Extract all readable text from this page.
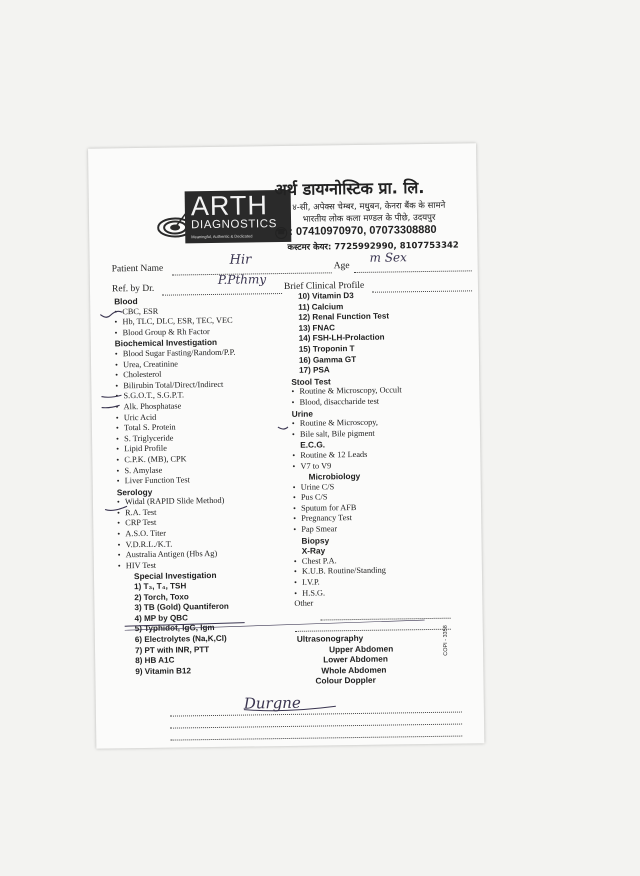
ARTH
DIAGNOSTICS
Meaningful, Authentic & Dedicated
अर्थ डायग्नोस्टिक प्रा. लि.
४-सी, अपेक्स चेम्बर, मधुबन, केनरा बैंक के सामने
भारतीय लोक कला मण्डल के पीछे, उदयपुर
☎ : 07410970970, 07073308880
कस्टमर केयर: 7725992990, 8107753342
Patient Name
Hir	Age
m Sex
Ref. by Dr.
P.Pthmy Brief Clinical Profile
Blood
• CBC, ESR
• Hb, TLC, DLC, ESR, TEC, VEC
• Blood Group & Rh Factor
Biochemical Investigation
• Blood Sugar Fasting/Random/P.P.
• Urea, Creatinine
• Cholesterol
• Bilirubin Total/Direct/Indirect
• S.G.O.T., S.G.P.T.
• Alk. Phosphatase
• Uric Acid
• Total S. Protein
• S. Triglyceride
• Lipid Profile
• C.P.K. (MB), CPK
• S. Amylase
• Liver Function Test
Serology
• Widal (RAPID Slide Method)
• R.A. Test
• CRP Test
• A.S.O. Titer
• V.D.R.L./K.T.
• Australia Antigen (Hbs Ag)
• HIV Test
Special Investigation
1) T₃, T₄, TSH
2) Torch, Toxo
3) TB (Gold) Quantiferon
4) MP by QBC
5) Typhidot, IgG, Igm
6) Electrolytes (Na,K,Cl)
7) PT with INR, PTT
8) HB A1C
9) Vitamin B12
10) Vitamin D3
11) Calcium
12) Renal Function Test
13) FNAC
14) FSH-LH-Prolaction
15) Troponin T
16) Gamma GT
17) PSA
Stool Test
• Routine & Microscopy, Occult
• Blood, disaccharide test
Urine
• Routine & Microscopy,
• Bile salt, Bile pigment
E.C.G.
• Routine & 12 Leads
• V7 to V9
Microbiology
• Urine C/S
• Pus C/S
• Sputum for AFB
• Pregnancy Test
• Pap Smear
Biopsy
X-Ray
• Chest P.A.
• K.U.B. Routine/Standing
• I.V.P.
• H.S.G.
Other
Ultrasonography
Upper Abdomen
Lower Abdomen
Whole Abdomen
Colour Doppler
COPI - 3358
Durgne
